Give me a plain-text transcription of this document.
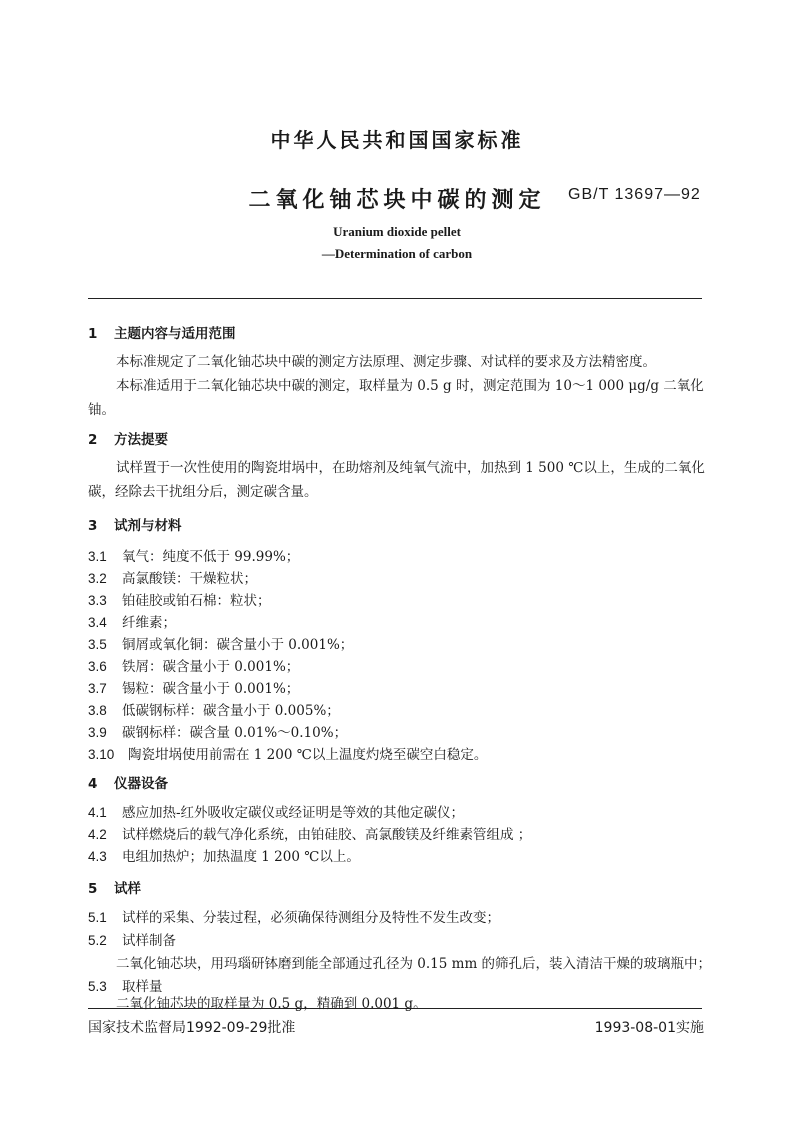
中华人民共和国国家标准
二氧化铀芯块中碳的测定	GB/T 13697—92
Uranium dioxide pellet
—Determination of carbon
1 主题内容与适用范围
本标准规定了二氧化铀芯块中碳的测定方法原理、测定步骤、对试样的要求及方法精密度。
本标准适用于二氧化铀芯块中碳的测定，取样量为 0.5 g 时，测定范围为 10～1 000 μg/g 二氧化铀。
2 方法提要
试样置于一次性使用的陶瓷坩埚中，在助熔剂及纯氧气流中，加热到 1 500 ℃以上，生成的二氧化碳，经除去干扰组分后，测定碳含量。
3 试剂与材料
3.1 氧气：纯度不低于 99.99%；
3.2 高氯酸镁：干燥粒状；
3.3 铂硅胶或铂石棉：粒状；
3.4 纤维素；
3.5 铜屑或氧化铜：碳含量小于 0.001%；
3.6 铁屑：碳含量小于 0.001%；
3.7 锡粒：碳含量小于 0.001%；
3.8 低碳钢标样：碳含量小于 0.005%；
3.9 碳钢标样：碳含量 0.01%～0.10%；
3.10 陶瓷坩埚使用前需在 1 200 ℃以上温度灼烧至碳空白稳定。
4 仪器设备
4.1 感应加热-红外吸收定碳仪或经证明是等效的其他定碳仪；
4.2 试样燃烧后的载气净化系统，由铂硅胶、高氯酸镁及纤维素管组成 ；
4.3 电组加热炉；加热温度 1 200 ℃以上。
5 试样
5.1 试样的采集、分装过程，必须确保待测组分及特性不发生改变；
5.2 试样制备
二氧化铀芯块，用玛瑙研钵磨到能全部通过孔径为 0.15 mm 的筛孔后，装入清洁干燥的玻璃瓶中；
5.3 取样量
二氧化铀芯块的取样量为 0.5 g，精确到 0.001 g。
国家技术监督局1992-09-29批准	1993-08-01实施
